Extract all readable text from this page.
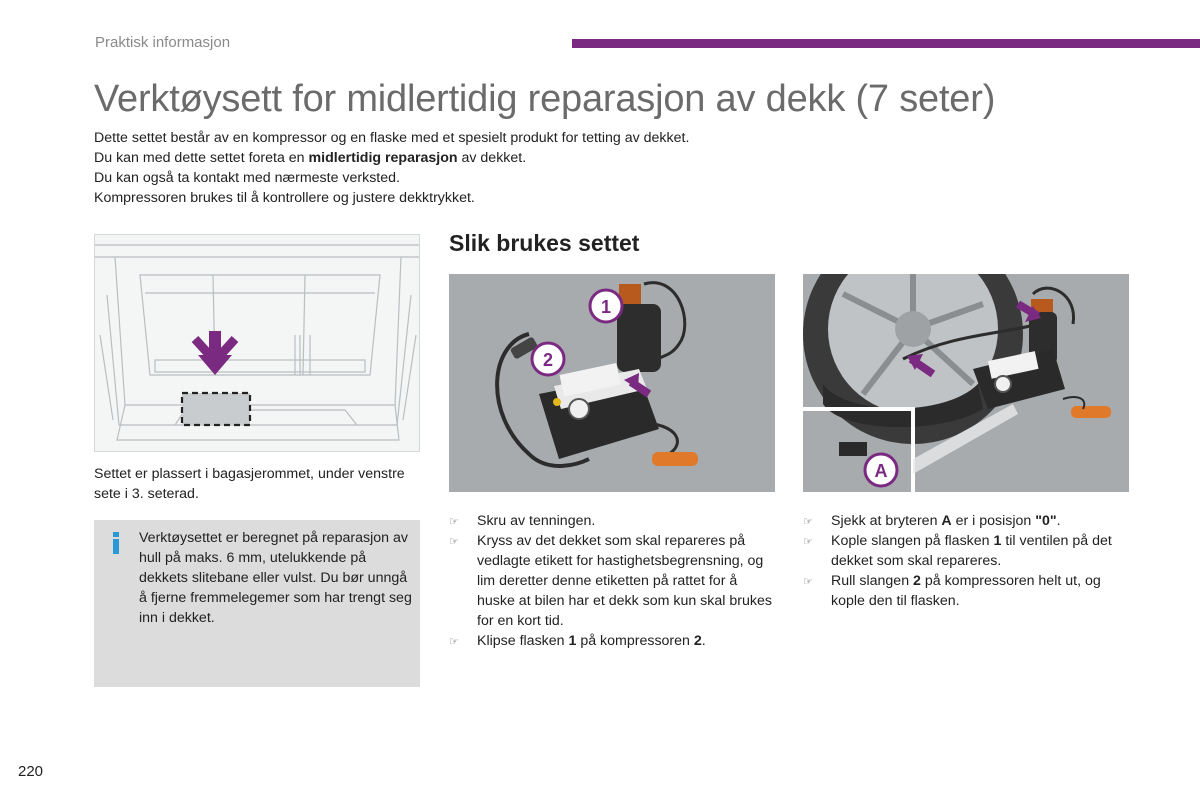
Praktisk informasjon
Verktøysett for midlertidig reparasjon av dekk (7 seter)

Dette settet består av en kompressor og en flaske med et spesielt produkt for tetting av dekket.

Du kan med dette settet foreta en midlertidig reparasjon av dekket.

Du kan også ta kontakt med nærmeste verksted.

Kompressoren brukes til å kontrollere og justere dekktrykket.

Settet er plassert i bagasjerommet, under venstre sete i 3. seterad.
Verktøysettet er beregnet på reparasjon av hull på maks. 6 mm, utelukkende på dekkets slitebane eller vulst. Du bør unngå å fjerne fremmelegemer som har trengt seg inn i dekket.
Slik brukes settet
1
2
A
☞ Skru av tenningen.
☞ Kryss av det dekket som skal repareres på vedlagte etikett for hastighetsbegrensning, og lim deretter denne etiketten på rattet for å huske at bilen har et dekk som kun skal brukes for en kort tid.
☞ Klipse flasken 1 på kompressoren 2.
☞ Sjekk at bryteren A er i posisjon "0".
☞ Kople slangen på flasken 1 til ventilen på det dekket som skal repareres.
☞ Rull slangen 2 på kompressoren helt ut, og kople den til flasken.
220
